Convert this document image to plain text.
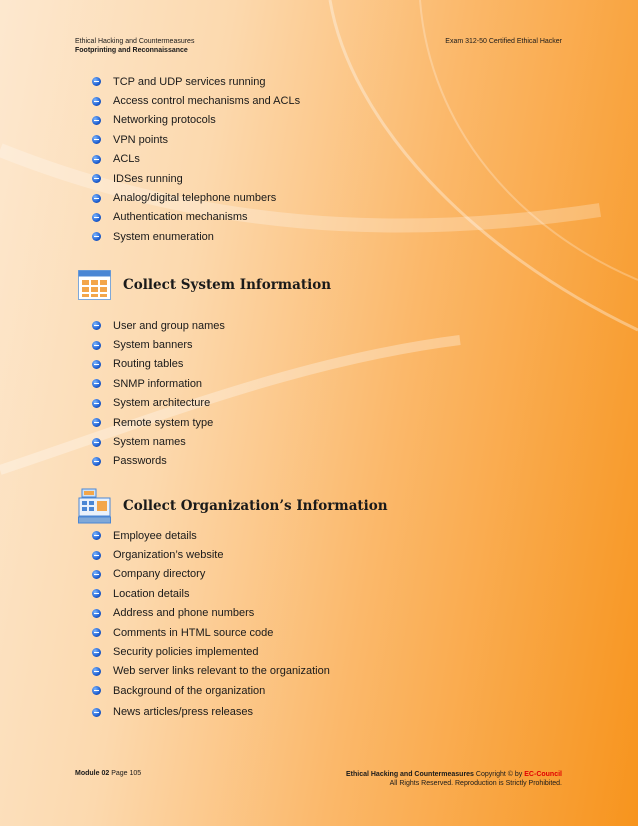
Ethical Hacking and Countermeasures
Footprinting and Reconnaissance
Exam 312-50 Certified Ethical Hacker
TCP and UDP services running
Access control mechanisms and ACLs
Networking protocols
VPN points
ACLs
IDSes running
Analog/digital telephone numbers
Authentication mechanisms
System enumeration
Collect System Information
User and group names
System banners
Routing tables
SNMP information
System architecture
Remote system type
System names
Passwords
Collect Organization’s Information
Employee details
Organization’s website
Company directory
Location details
Address and phone numbers
Comments in HTML source code
Security policies implemented
Web server links relevant to the organization
Background of the organization
News articles/press releases
Module 02 Page 105	Ethical Hacking and Countermeasures Copyright © by EC-Council
All Rights Reserved. Reproduction is Strictly Prohibited.
